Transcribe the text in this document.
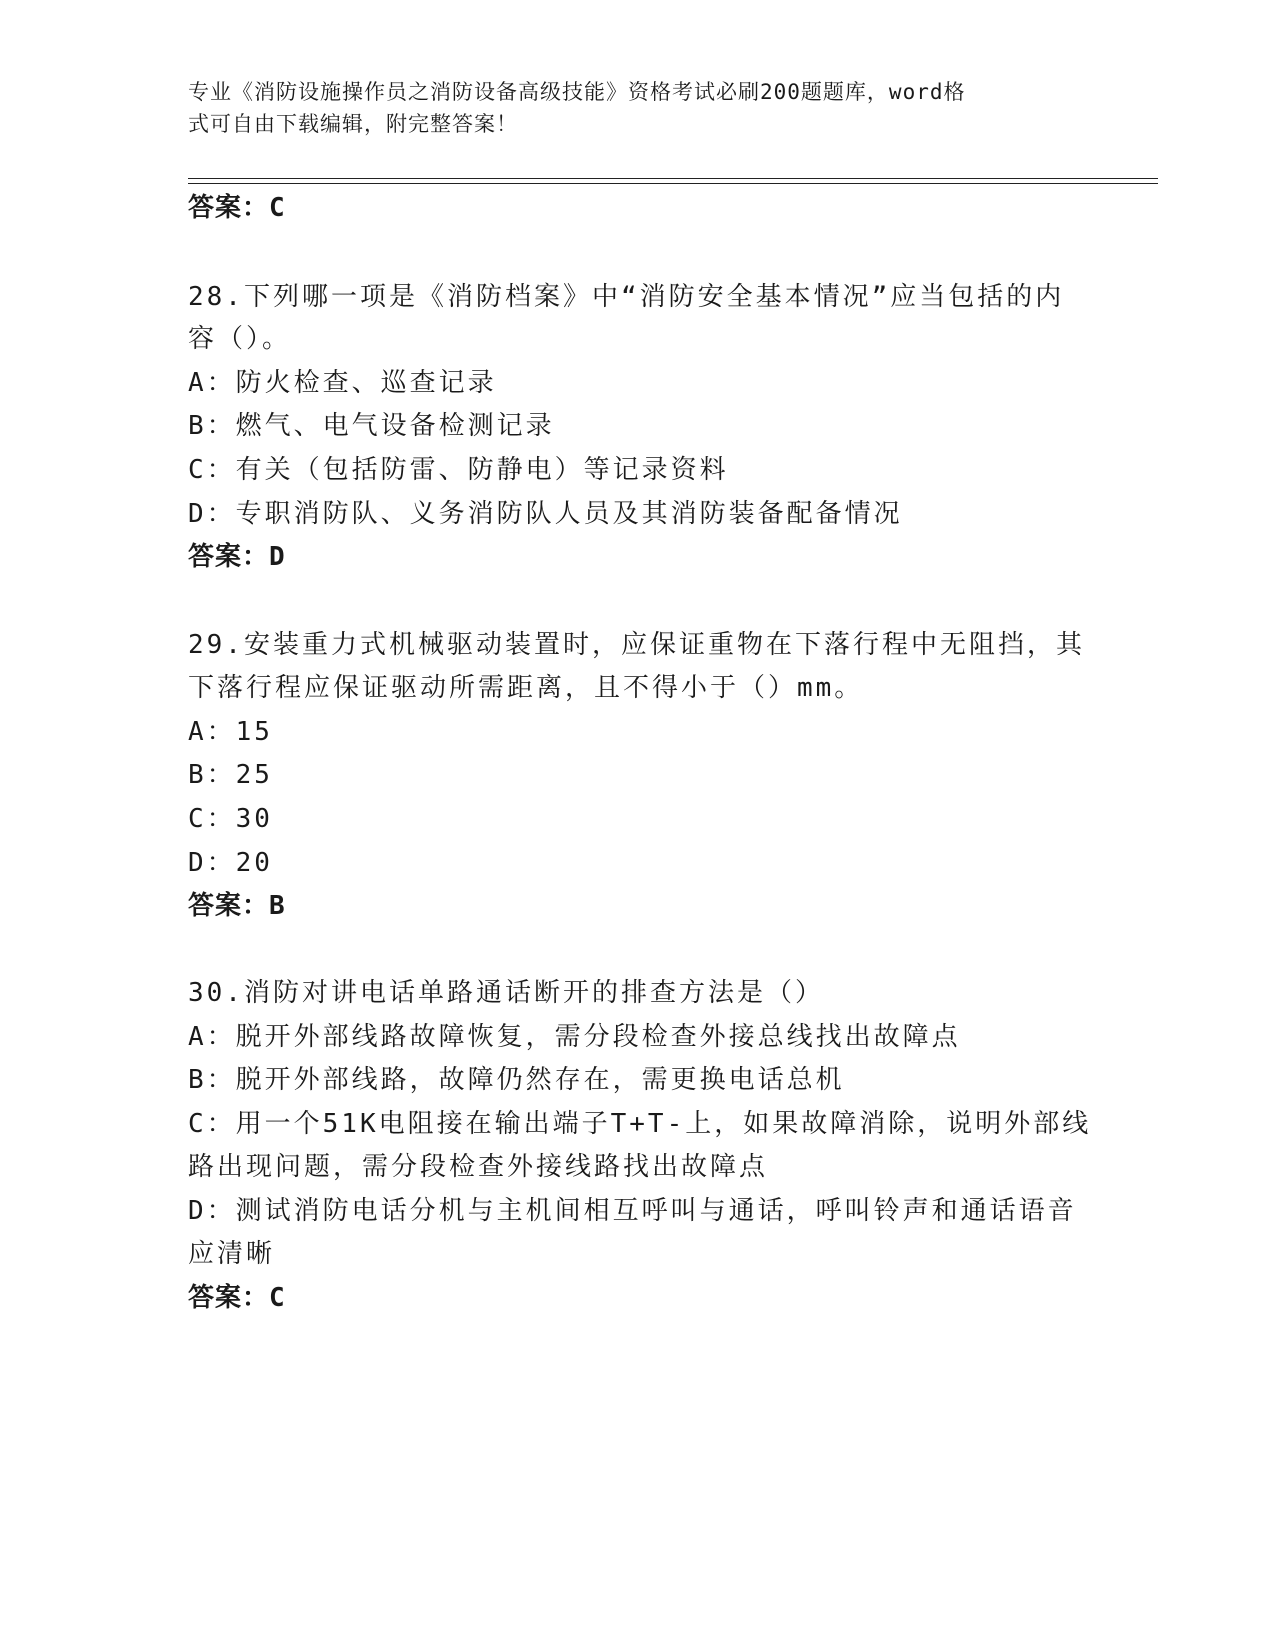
专业《消防设施操作员之消防设备高级技能》资格考试必刷200题题库，word格
式可自由下载编辑，附完整答案！
答案：C
28.下列哪一项是《消防档案》中“消防安全基本情况”应当包括的内
容（）。
A：防火检查、巡查记录
B：燃气、电气设备检测记录
C：有关（包括防雷、防静电）等记录资料
D：专职消防队、义务消防队人员及其消防装备配备情况
答案：D
29.安装重力式机械驱动装置时，应保证重物在下落行程中无阻挡，其
下落行程应保证驱动所需距离，且不得小于（）mm。
A：15
B：25
C：30
D：20
答案：B
30.消防对讲电话单路通话断开的排查方法是（）
A：脱开外部线路故障恢复，需分段检查外接总线找出故障点
B：脱开外部线路，故障仍然存在，需更换电话总机
C：用一个51K电阻接在输出端子T+T-上，如果故障消除，说明外部线
路出现问题，需分段检查外接线路找出故障点
D：测试消防电话分机与主机间相互呼叫与通话，呼叫铃声和通话语音
应清晰
答案：C
